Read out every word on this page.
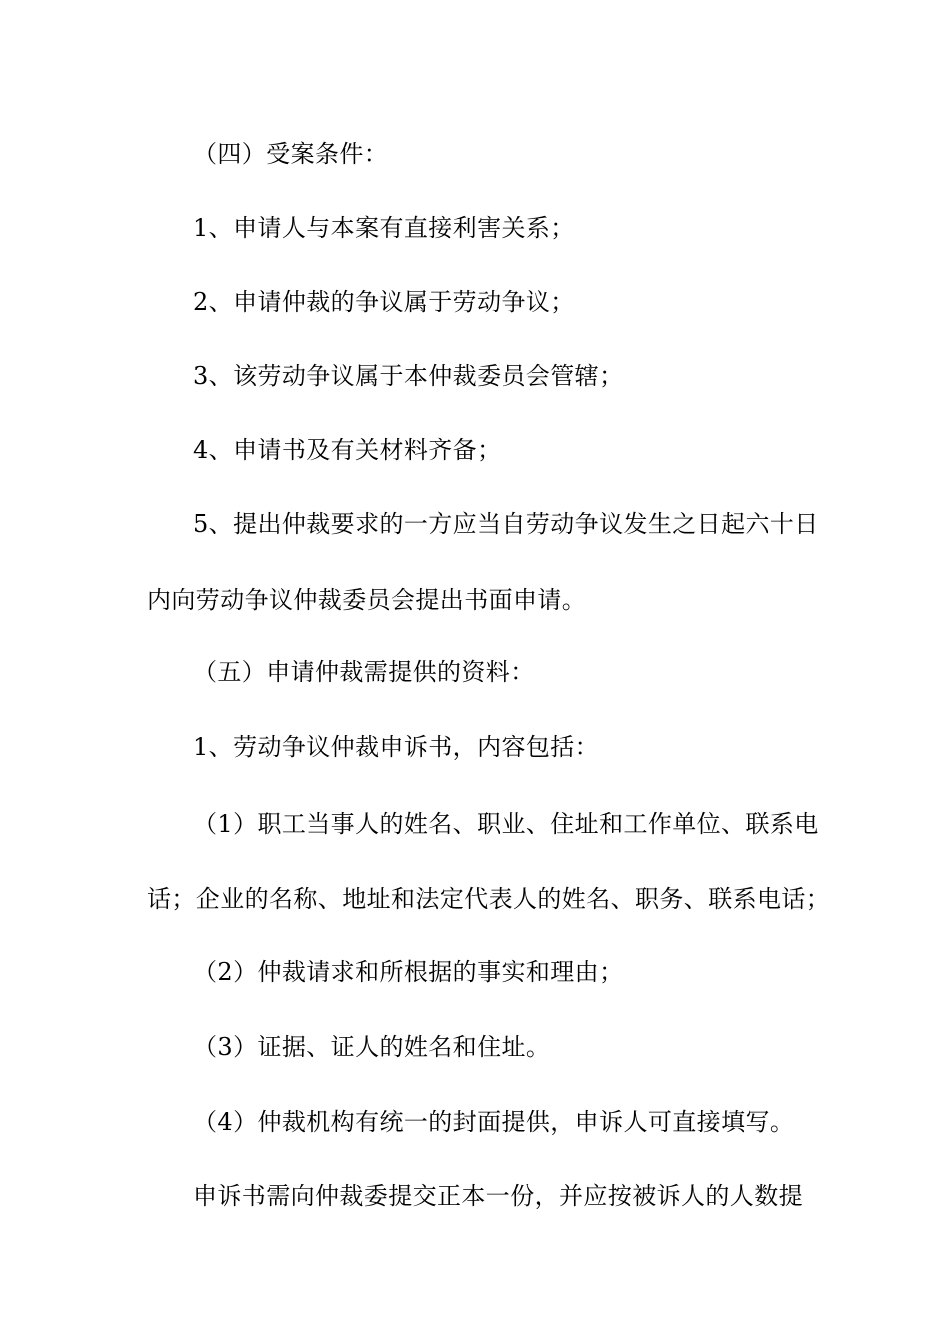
（四）受案条件：
1、申请人与本案有直接利害关系；
2、申请仲裁的争议属于劳动争议；
3、该劳动争议属于本仲裁委员会管辖；
4、申请书及有关材料齐备；
5、提出仲裁要求的一方应当自劳动争议发生之日起六十日
内向劳动争议仲裁委员会提出书面申请。
（五）申请仲裁需提供的资料：
1、劳动争议仲裁申诉书，内容包括：
（1）职工当事人的姓名、职业、住址和工作单位、联系电
话；企业的名称、地址和法定代表人的姓名、职务、联系电话；
（2）仲裁请求和所根据的事实和理由；
（3）证据、证人的姓名和住址。
（4）仲裁机构有统一的封面提供，申诉人可直接填写。
申诉书需向仲裁委提交正本一份，并应按被诉人的人数提
